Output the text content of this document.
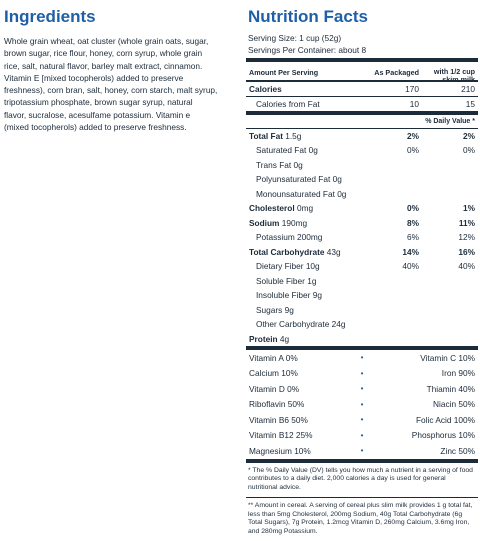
Ingredients
Whole grain wheat, oat cluster (whole grain oats, sugar,
brown sugar, rice flour, honey, corn syrup, whole grain
rice, salt, natural flavor, barley malt extract, cinnamon.
Vitamin E [mixed tocopherols) added to preserve
freshness), corn bran, salt, honey, corn starch, malt syrup,
tripotassium phosphate, brown sugar syrup, natural
flavor, sucralose, acesulfame potassium. Vitamin e
(mixed tocopherols) added to preserve freshness.
Nutrition Facts
Serving Size: 1 cup (52g)
Servings Per Container: about 8
Amount Per Serving	As Packaged	with 1/2 cup skim milk
Calories	170	210
Calories from Fat	10	15
% Daily Value *
Total Fat 1.5g	2%	2%
Saturated Fat 0g	0%	0%
Trans Fat 0g
Polyunsaturated Fat 0g
Monounsaturated Fat 0g
Cholesterol 0mg	0%	1%
Sodium 190mg	8%	11%
Potassium 200mg	6%	12%
Total Carbohydrate 43g	14%	16%
Dietary Fiber 10g	40%	40%
Soluble Fiber 1g
Insoluble Fiber 9g
Sugars 9g
Other Carbohydrate 24g
Protein 4g
Vitamin A 0%	•	Vitamin C 10%
Calcium 10%	•	Iron 90%
Vitamin D 0%	•	Thiamin 40%
Riboflavin 50%	•	Niacin 50%
Vitamin B6 50%	•	Folic Acid 100%
Vitamin B12 25%	•	Phosphorus 10%
Magnesium 10%	•	Zinc 50%
* The % Daily Value (DV) tells you how much a nutrient in a serving of food contributes to a daily diet. 2,000 calories a day is used for general nutritional advice.
** Amount in cereal. A serving of cereal plus slim milk provides 1 g total fat, less than 5mg Cholesterol, 200mg Sodium, 40g Total Carbohydrate (6g Total Sugars), 7g Protein, 1.2mcg Vitamin D, 260mg Calcium, 3.6mg Iron, and 280mg Potassium.
